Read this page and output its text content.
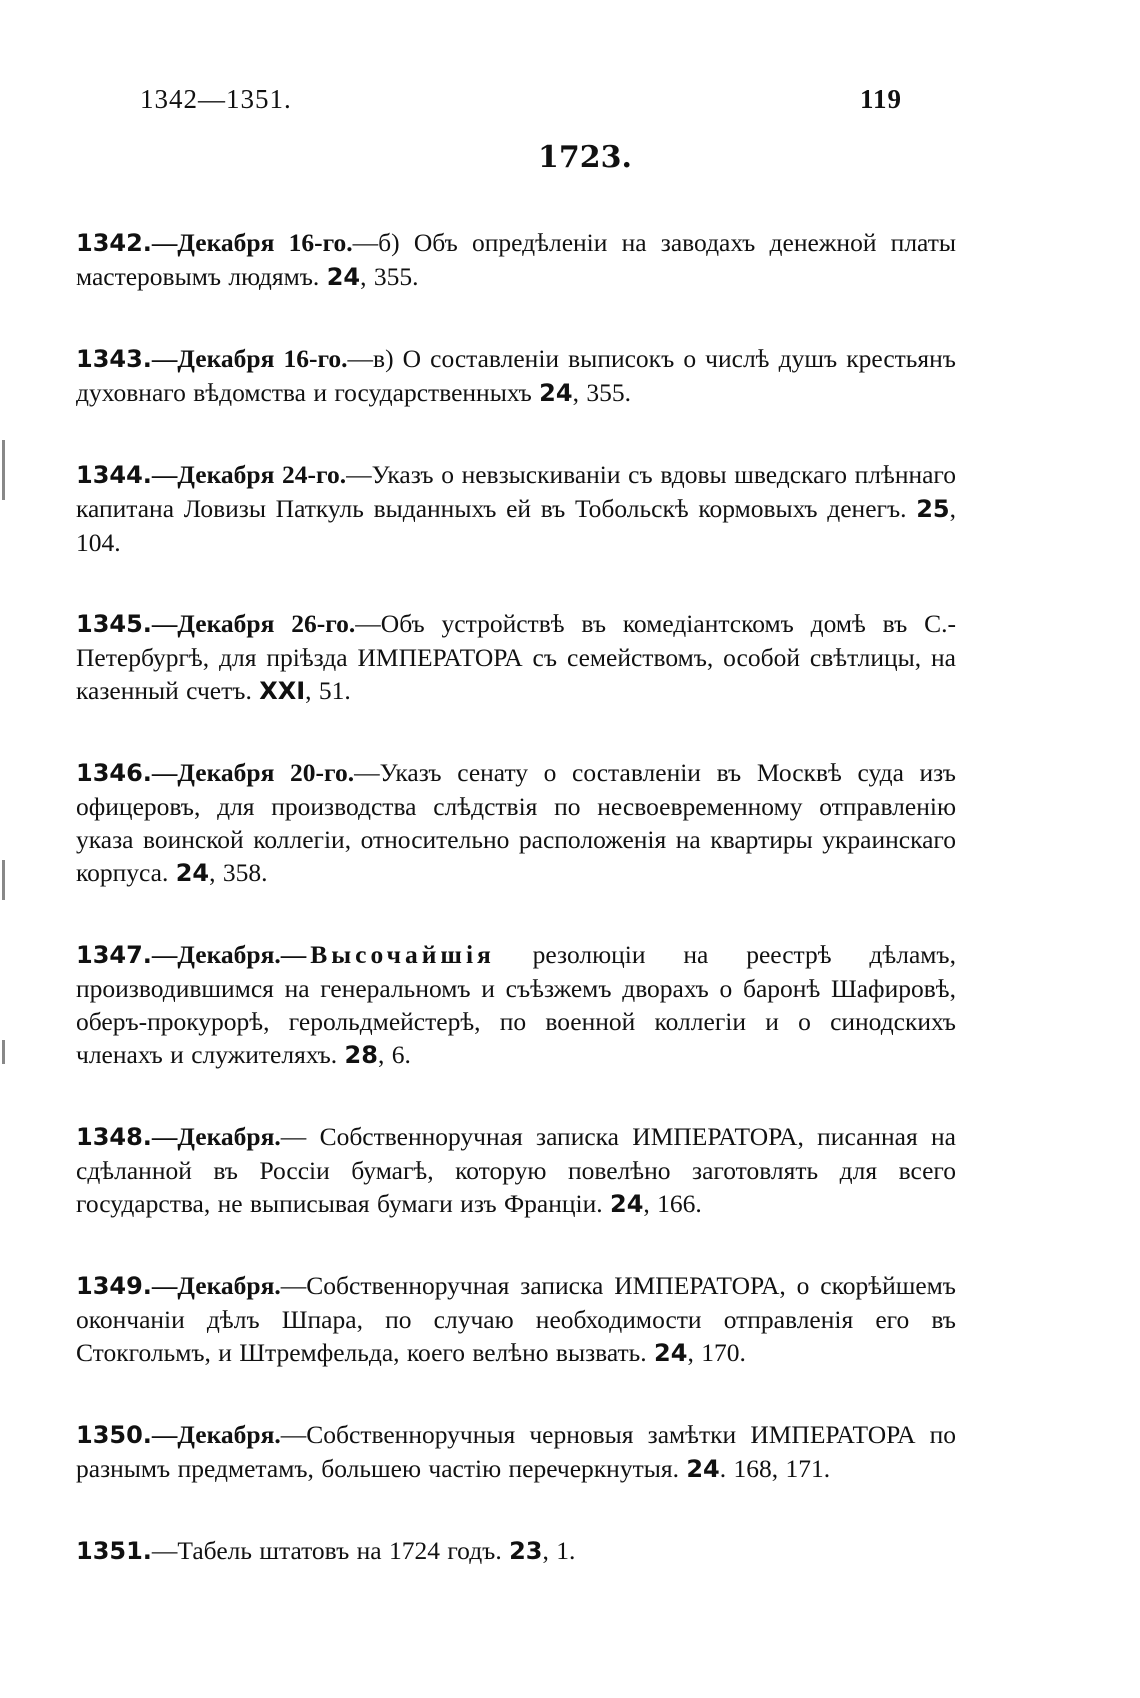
1342—1351.	119
1723.

1342.—Декабря 16-го.—б) Объ опредѣленіи на заводахъ денежной платы мастеровымъ людямъ. 24, 355.

1343.—Декабря 16-го.—в) О составленіи выписокъ о числѣ душъ крестьянъ духовнаго вѣдомства и государственныхъ 24, 355.

1344.—Декабря 24-го.—Указъ о невзыскиваніи съ вдовы шведскаго плѣннаго капитана Ловизы Паткуль выданныхъ ей въ Тобольскѣ кормовыхъ денегъ. 25, 104.

1345.—Декабря 26-го.—Объ устройствѣ въ комедіантскомъ домѣ въ С.-Петербургѣ, для пріѣзда ИМПЕРАТОРА съ семействомъ, особой свѣтлицы, на казенный счетъ. XXI, 51.

1346.—Декабря 20-го.—Указъ сенату о составленіи въ Москвѣ суда изъ офицеровъ, для производства слѣдствія по несвоевременному отправленію указа воинской коллегіи, относительно расположенія на квартиры украинскаго корпуса. 24, 358.

1347.—Декабря.—Высочайшія резолюціи на реестрѣ дѣламъ, производившимся на генеральномъ и съѣзжемъ дворахъ о баронѣ Шафировѣ, оберъ-прокурорѣ, герольдмейстерѣ, по военной коллегіи и о синодскихъ членахъ и служителяхъ. 28, 6.

1348.—Декабря.— Собственноручная записка ИМПЕРАТОРА, писанная на сдѣланной въ Россіи бумагѣ, которую повелѣно заготовлять для всего государства, не выписывая бумаги изъ Франціи. 24, 166.

1349.—Декабря.—Собственноручная записка ИМПЕРАТОРА, о скорѣйшемъ окончаніи дѣлъ Шпара, по случаю необходимости отправленія его въ Стокгольмъ, и Штремфельда, коего велѣно вызвать. 24, 170.

1350.—Декабря.—Собственноручныя черновыя замѣтки ИМПЕРАТОРА по разнымъ предметамъ, большею частію перечеркнутыя. 24. 168, 171.

1351.—Табель штатовъ на 1724 годъ. 23, 1.
